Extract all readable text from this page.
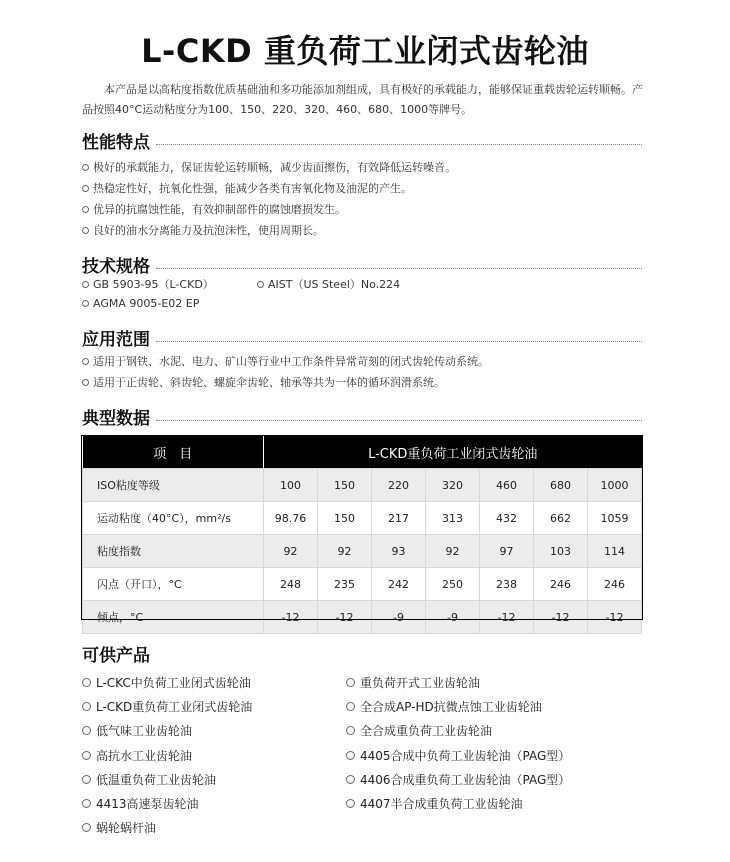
L-CKD 重负荷工业闭式齿轮油

本产品是以高粘度指数优质基础油和多功能添加剂组成，具有极好的承载能力，能够保证重载齿轮运转顺畅。产品按照40°C运动粘度分为100、150、220、320、460、680、1000等牌号。

性能特点
极好的承载能力，保证齿轮运转顺畅，减少齿面擦伤，有效降低运转噪音。
热稳定性好，抗氧化性强，能减少各类有害氧化物及油泥的产生。
优异的抗腐蚀性能，有效抑制部件的腐蚀磨损发生。
良好的油水分离能力及抗泡沫性，使用周期长。
技术规格
GB 5903-95（L-CKD）	AIST（US Steel）No.224
AGMA 9005-E02 EP
应用范围
适用于钢铁、水泥、电力、矿山等行业中工作条件异常苛刻的闭式齿轮传动系统。
适用于正齿轮、斜齿轮、螺旋伞齿轮、轴承等共为一体的循环润滑系统。
典型数据
项　目	L-CKD重负荷工业闭式齿轮油						
ISO粘度等级	100	150	220	320	460	680	1000
运动粘度（40°C），mm²/s	98.76	150	217	313	432	662	1059
粘度指数	92	92	93	92	97	103	114
闪点（开口），°C	248	235	242	250	238	246	246
倾点，°C	-12	-12	-9	-9	-12	-12	-12
可供产品
L-CKC中负荷工业闭式齿轮油
L-CKD重负荷工业闭式齿轮油
低气味工业齿轮油
高抗水工业齿轮油
低温重负荷工业齿轮油
4413高速泵齿轮油
蜗轮蜗杆油
重负荷开式工业齿轮油
全合成AP-HD抗微点蚀工业齿轮油
全合成重负荷工业齿轮油
4405合成中负荷工业齿轮油（PAG型）
4406合成重负荷工业齿轮油（PAG型）
4407半合成重负荷工业齿轮油
